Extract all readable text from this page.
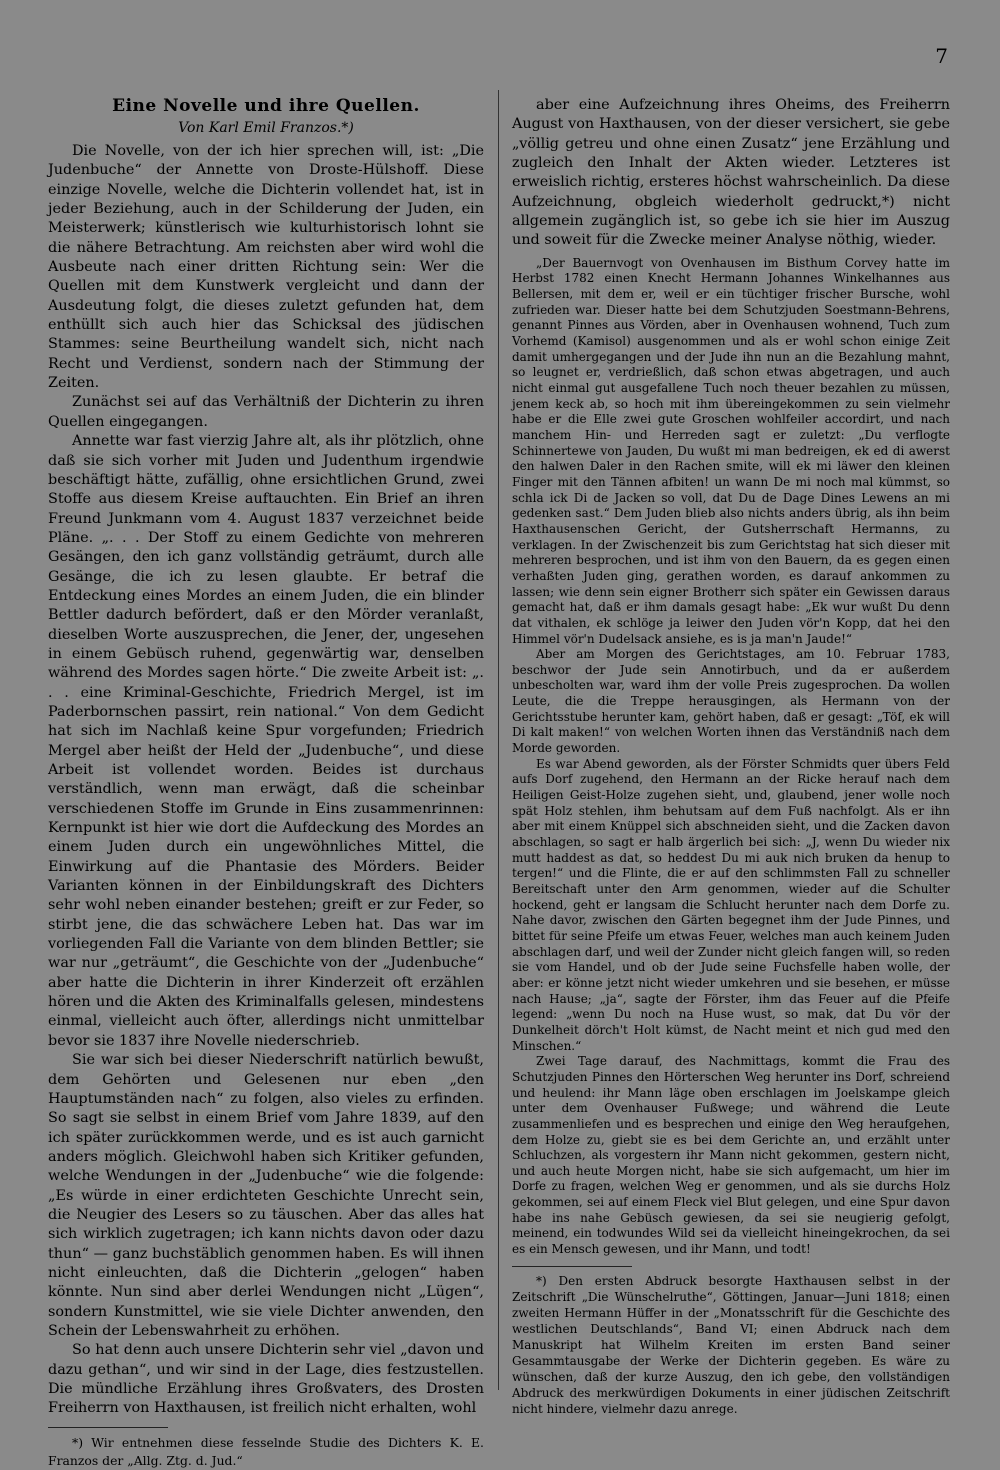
7
Eine Novelle und ihre Quellen.
Von Karl Emil Franzos.*)

Die Novelle, von der ich hier sprechen will, ist: „Die Judenbuche“ der Annette von Droste-Hülshoff. Diese einzige Novelle, welche die Dichterin vollendet hat, ist in jeder Beziehung, auch in der Schilderung der Juden, ein Meisterwerk; künstlerisch wie kulturhistorisch lohnt sie die nähere Betrachtung. Am reichsten aber wird wohl die Ausbeute nach einer dritten Richtung sein: Wer die Quellen mit dem Kunstwerk vergleicht und dann der Ausdeutung folgt, die dieses zuletzt gefunden hat, dem enthüllt sich auch hier das Schicksal des jüdischen Stammes: seine Beurtheilung wandelt sich, nicht nach Recht und Verdienst, sondern nach der Stimmung der Zeiten.

Zunächst sei auf das Verhältniß der Dichterin zu ihren Quellen eingegangen.

Annette war fast vierzig Jahre alt, als ihr plötzlich, ohne daß sie sich vorher mit Juden und Judenthum irgendwie beschäftigt hätte, zufällig, ohne ersichtlichen Grund, zwei Stoffe aus diesem Kreise auftauchten. Ein Brief an ihren Freund Junkmann vom 4. August 1837 verzeichnet beide Pläne. „. . . Der Stoff zu einem Gedichte von mehreren Gesängen, den ich ganz vollständig geträumt, durch alle Gesänge, die ich zu lesen glaubte. Er betraf die Entdeckung eines Mordes an einem Juden, die ein blinder Bettler dadurch befördert, daß er den Mörder veranlaßt, dieselben Worte auszusprechen, die Jener, der, ungesehen in einem Gebüsch ruhend, gegenwärtig war, denselben während des Mordes sagen hörte.“ Die zweite Arbeit ist: „. . . eine Kriminal-Geschichte, Friedrich Mergel, ist im Paderbornschen passirt, rein national.“ Von dem Gedicht hat sich im Nachlaß keine Spur vorgefunden; Friedrich Mergel aber heißt der Held der „Judenbuche“, und diese Arbeit ist vollendet worden. Beides ist durchaus verständlich, wenn man erwägt, daß die scheinbar verschiedenen Stoffe im Grunde in Eins zusammenrinnen: Kernpunkt ist hier wie dort die Aufdeckung des Mordes an einem Juden durch ein ungewöhnliches Mittel, die Einwirkung auf die Phantasie des Mörders. Beider Varianten können in der Einbildungskraft des Dichters sehr wohl neben einander bestehen; greift er zur Feder, so stirbt jene, die das schwächere Leben hat. Das war im vorliegenden Fall die Variante von dem blinden Bettler; sie war nur „geträumt“, die Geschichte von der „Judenbuche“ aber hatte die Dichterin in ihrer Kinderzeit oft erzählen hören und die Akten des Kriminalfalls gelesen, mindestens einmal, vielleicht auch öfter, allerdings nicht unmittelbar bevor sie 1837 ihre Novelle niederschrieb.

Sie war sich bei dieser Niederschrift natürlich bewußt, dem Gehörten und Gelesenen nur eben „den Hauptumständen nach“ zu folgen, also vieles zu erfinden. So sagt sie selbst in einem Brief vom Jahre 1839, auf den ich später zurückkommen werde, und es ist auch garnicht anders möglich. Gleichwohl haben sich Kritiker gefunden, welche Wendungen in der „Judenbuche“ wie die folgende: „Es würde in einer erdichteten Geschichte Unrecht sein, die Neugier des Lesers so zu täuschen. Aber das alles hat sich wirklich zugetragen; ich kann nichts davon oder dazu thun“ — ganz buchstäblich genommen haben. Es will ihnen nicht einleuchten, daß die Dichterin „gelogen“ haben könnte. Nun sind aber derlei Wendungen nicht „Lügen“, sondern Kunstmittel, wie sie viele Dichter anwenden, den Schein der Lebenswahrheit zu erhöhen.

So hat denn auch unsere Dichterin sehr viel „davon und dazu gethan“, und wir sind in der Lage, dies festzustellen. Die mündliche Erzählung ihres Großvaters, des Drosten Freiherrn von Haxthausen, ist freilich nicht erhalten, wohl

*) Wir entnehmen diese fesselnde Studie des Dichters K. E. Franzos der „Allg. Ztg. d. Jud.“

aber eine Aufzeichnung ihres Oheims, des Freiherrn August von Haxthausen, von der dieser versichert, sie gebe „völlig getreu und ohne einen Zusatz“ jene Erzählung und zugleich den Inhalt der Akten wieder. Letzteres ist erweislich richtig, ersteres höchst wahrscheinlich. Da diese Aufzeichnung, obgleich wiederholt gedruckt,*) nicht allgemein zugänglich ist, so gebe ich sie hier im Auszug und soweit für die Zwecke meiner Analyse nöthig, wieder.

„Der Bauernvogt von Ovenhausen im Bisthum Corvey hatte im Herbst 1782 einen Knecht Hermann Johannes Winkelhannes aus Bellersen, mit dem er, weil er ein tüchtiger frischer Bursche, wohl zufrieden war. Dieser hatte bei dem Schutzjuden Soestmann-Behrens, genannt Pinnes aus Vörden, aber in Ovenhausen wohnend, Tuch zum Vorhemd (Kamisol) ausgenommen und als er wohl schon einige Zeit damit umhergegangen und der Jude ihn nun an die Bezahlung mahnt, so leugnet er, verdrießlich, daß schon etwas abgetragen, und auch nicht einmal gut ausgefallene Tuch noch theuer bezahlen zu müssen, jenem keck ab, so hoch mit ihm übereingekommen zu sein vielmehr habe er die Elle zwei gute Groschen wohlfeiler accordirt, und nach manchem Hin- und Herreden sagt er zuletzt: „Du verflogte Schinnertewe von Jauden, Du wußt mi man bedreigen, ek ed di awerst den halwen Daler in den Rachen smite, will ek mi läwer den kleinen Finger mit den Tännen afbiten! un wann De mi noch mal kümmst, so schla ick Di de Jacken so voll, dat Du de Dage Dines Lewens an mi gedenken sast.“ Dem Juden blieb also nichts anders übrig, als ihn beim Haxthausenschen Gericht, der Gutsherrschaft Hermanns, zu verklagen. In der Zwischenzeit bis zum Gerichtstag hat sich dieser mit mehreren besprochen, und ist ihm von den Bauern, da es gegen einen verhaßten Juden ging, gerathen worden, es darauf ankommen zu lassen; wie denn sein eigner Brotherr sich später ein Gewissen daraus gemacht hat, daß er ihm damals gesagt habe: „Ek wur wußt Du denn dat vithalen, ek schlöge ja leiwer den Juden vör'n Kopp, dat hei den Himmel vör'n Dudelsack ansiehe, es is ja man'n Jaude!“

Aber am Morgen des Gerichtstages, am 10. Februar 1783, beschwor der Jude sein Annotirbuch, und da er außerdem unbescholten war, ward ihm der volle Preis zugesprochen. Da wollen Leute, die die Treppe herausgingen, als Hermann von der Gerichtsstube herunter kam, gehört haben, daß er gesagt: „Töf, ek will Di kalt maken!“ von welchen Worten ihnen das Verständniß nach dem Morde geworden.

Es war Abend geworden, als der Förster Schmidts quer übers Feld aufs Dorf zugehend, den Hermann an der Ricke herauf nach dem Heiligen Geist-Holze zugehen sieht, und, glaubend, jener wolle noch spät Holz stehlen, ihm behutsam auf dem Fuß nachfolgt. Als er ihn aber mit einem Knüppel sich abschneiden sieht, und die Zacken davon abschlagen, so sagt er halb ärgerlich bei sich: „J, wenn Du wieder nix mutt haddest as dat, so heddest Du mi auk nich bruken da henup to tergen!“ und die Flinte, die er auf den schlimmsten Fall zu schneller Bereitschaft unter den Arm genommen, wieder auf die Schulter hockend, geht er langsam die Schlucht herunter nach dem Dorfe zu. Nahe davor, zwischen den Gärten begegnet ihm der Jude Pinnes, und bittet für seine Pfeife um etwas Feuer, welches man auch keinem Juden abschlagen darf, und weil der Zunder nicht gleich fangen will, so reden sie vom Handel, und ob der Jude seine Fuchsfelle haben wolle, der aber: er könne jetzt nicht wieder umkehren und sie besehen, er müsse nach Hause; „ja“, sagte der Förster, ihm das Feuer auf die Pfeife legend: „wenn Du noch na Huse wust, so mak, dat Du vör der Dunkelheit dörch't Holt kümst, de Nacht meint et nich gud med den Minschen.“

Zwei Tage darauf, des Nachmittags, kommt die Frau des Schutzjuden Pinnes den Hörterschen Weg herunter ins Dorf, schreiend und heulend: ihr Mann läge oben erschlagen im Joelskampe gleich unter dem Ovenhauser Fußwege; und während die Leute zusammenliefen und es besprechen und einige den Weg heraufgehen, dem Holze zu, giebt sie es bei dem Gerichte an, und erzählt unter Schluchzen, als vorgestern ihr Mann nicht gekommen, gestern nicht, und auch heute Morgen nicht, habe sie sich aufgemacht, um hier im Dorfe zu fragen, welchen Weg er genommen, und als sie durchs Holz gekommen, sei auf einem Fleck viel Blut gelegen, und eine Spur davon habe ins nahe Gebüsch gewiesen, da sei sie neugierig gefolgt, meinend, ein todwundes Wild sei da vielleicht hineingekrochen, da sei es ein Mensch gewesen, und ihr Mann, und todt!

*) Den ersten Abdruck besorgte Haxthausen selbst in der Zeitschrift „Die Wünschelruthe“, Göttingen, Januar—Juni 1818; einen zweiten Hermann Hüffer in der „Monatsschrift für die Geschichte des westlichen Deutschlands“, Band VI; einen Abdruck nach dem Manuskript hat Wilhelm Kreiten im ersten Band seiner Gesammtausgabe der Werke der Dichterin gegeben. Es wäre zu wünschen, daß der kurze Auszug, den ich gebe, den vollständigen Abdruck des merkwürdigen Dokuments in einer jüdischen Zeitschrift nicht hindere, vielmehr dazu anrege.
